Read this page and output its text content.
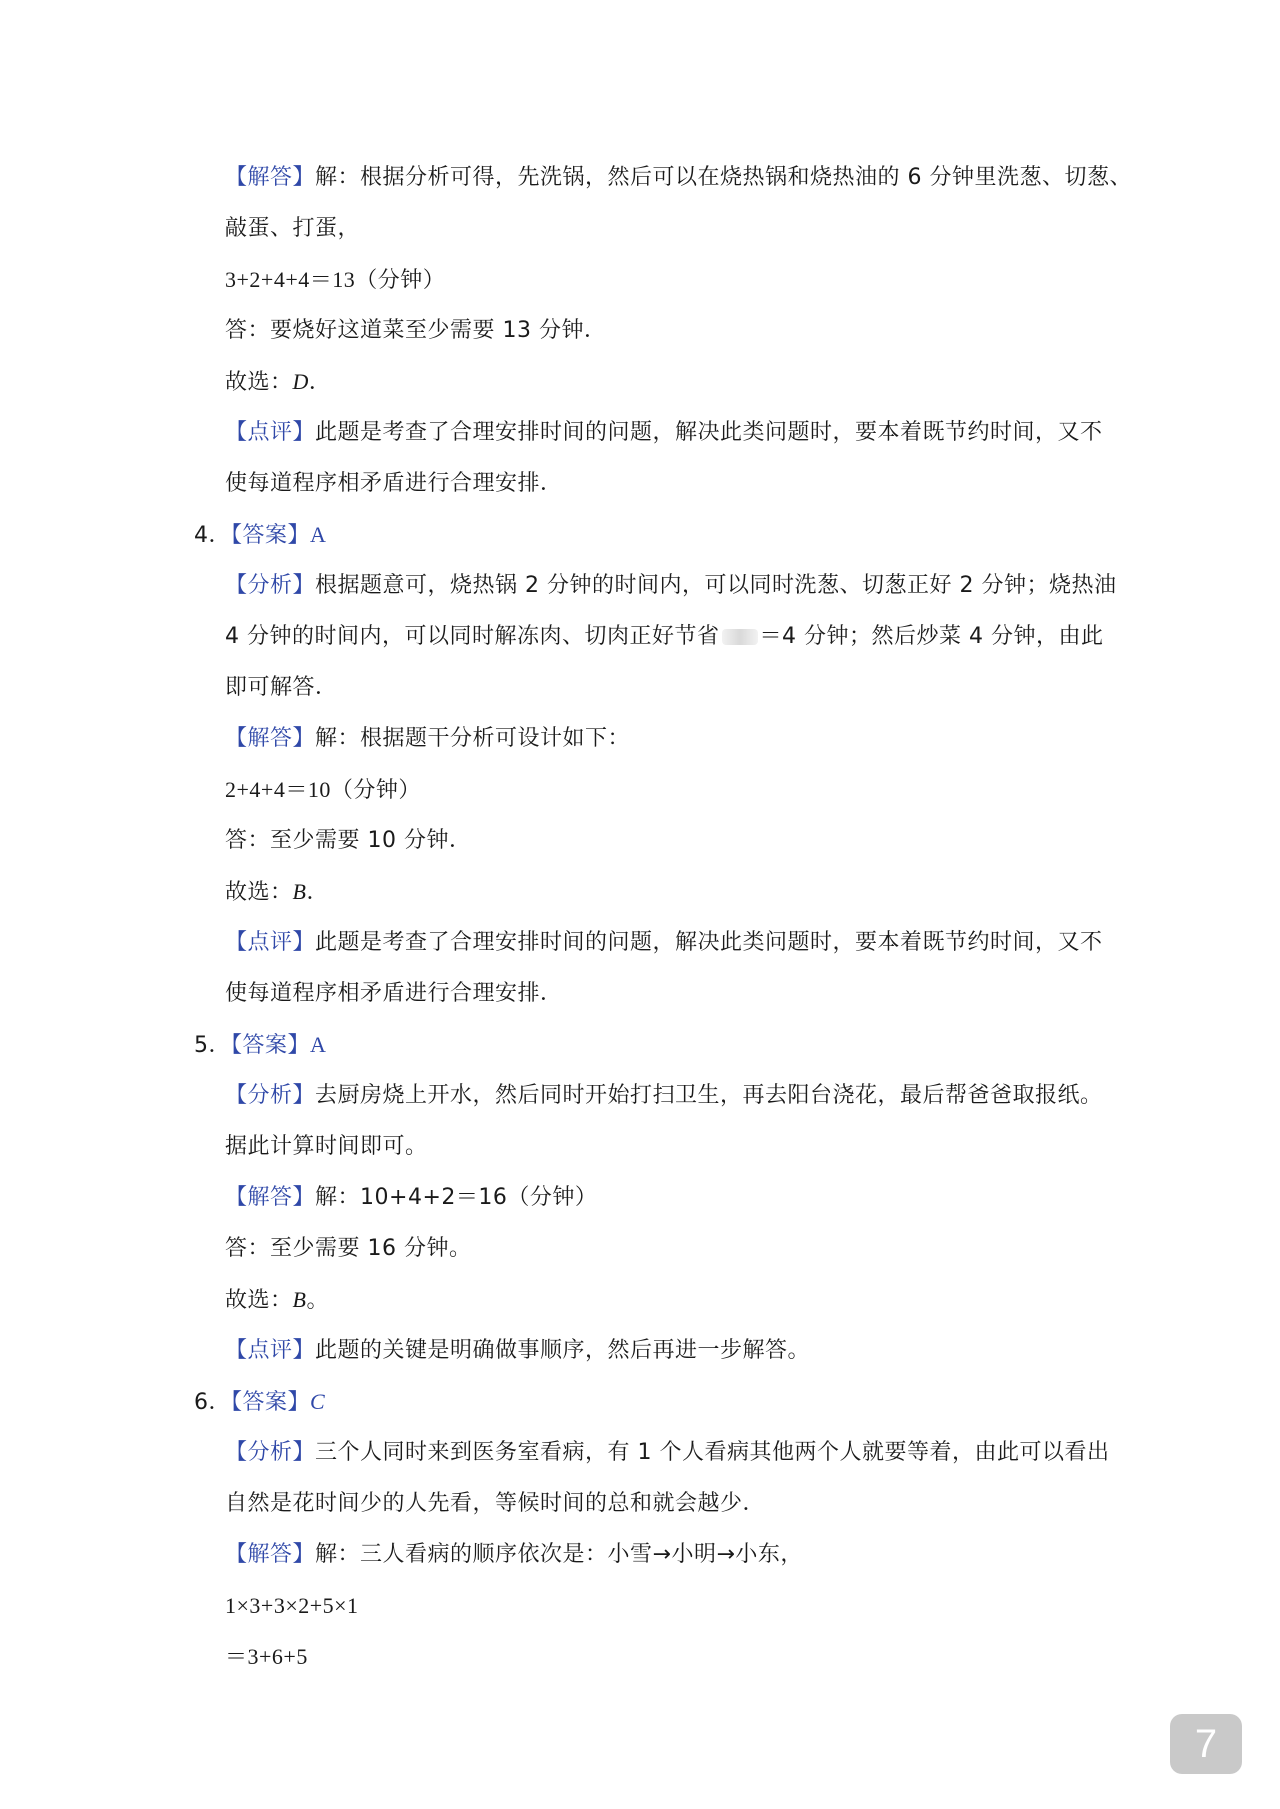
【解答】解：根据分析可得，先洗锅，然后可以在烧热锅和烧热油的 6 分钟里洗葱、切葱、
敲蛋、打蛋，
3+2+4+4＝13（分钟）
答：要烧好这道菜至少需要 13 分钟．
故选：D．
【点评】此题是考查了合理安排时间的问题，解决此类问题时，要本着既节约时间，又不
使每道程序相矛盾进行合理安排．
4．【答案】A
【分析】根据题意可，烧热锅 2 分钟的时间内，可以同时洗葱、切葱正好 2 分钟；烧热油
4 分钟的时间内，可以同时解冻肉、切肉正好节省 ＝4 分钟；然后炒菜 4 分钟，由此
即可解答．
【解答】解：根据题干分析可设计如下：
2+4+4＝10（分钟）
答：至少需要 10 分钟．
故选：B．
【点评】此题是考查了合理安排时间的问题，解决此类问题时，要本着既节约时间，又不
使每道程序相矛盾进行合理安排．
5．【答案】A
【分析】去厨房烧上开水，然后同时开始打扫卫生，再去阳台浇花，最后帮爸爸取报纸。
据此计算时间即可。
【解答】解：10+4+2＝16（分钟）
答：至少需要 16 分钟。
故选：B。
【点评】此题的关键是明确做事顺序，然后再进一步解答。
6．【答案】C
【分析】三个人同时来到医务室看病，有 1 个人看病其他两个人就要等着，由此可以看出
自然是花时间少的人先看，等候时间的总和就会越少．
【解答】解：三人看病的顺序依次是：小雪→小明→小东，
1×3+3×2+5×1
＝3+6+5
7
